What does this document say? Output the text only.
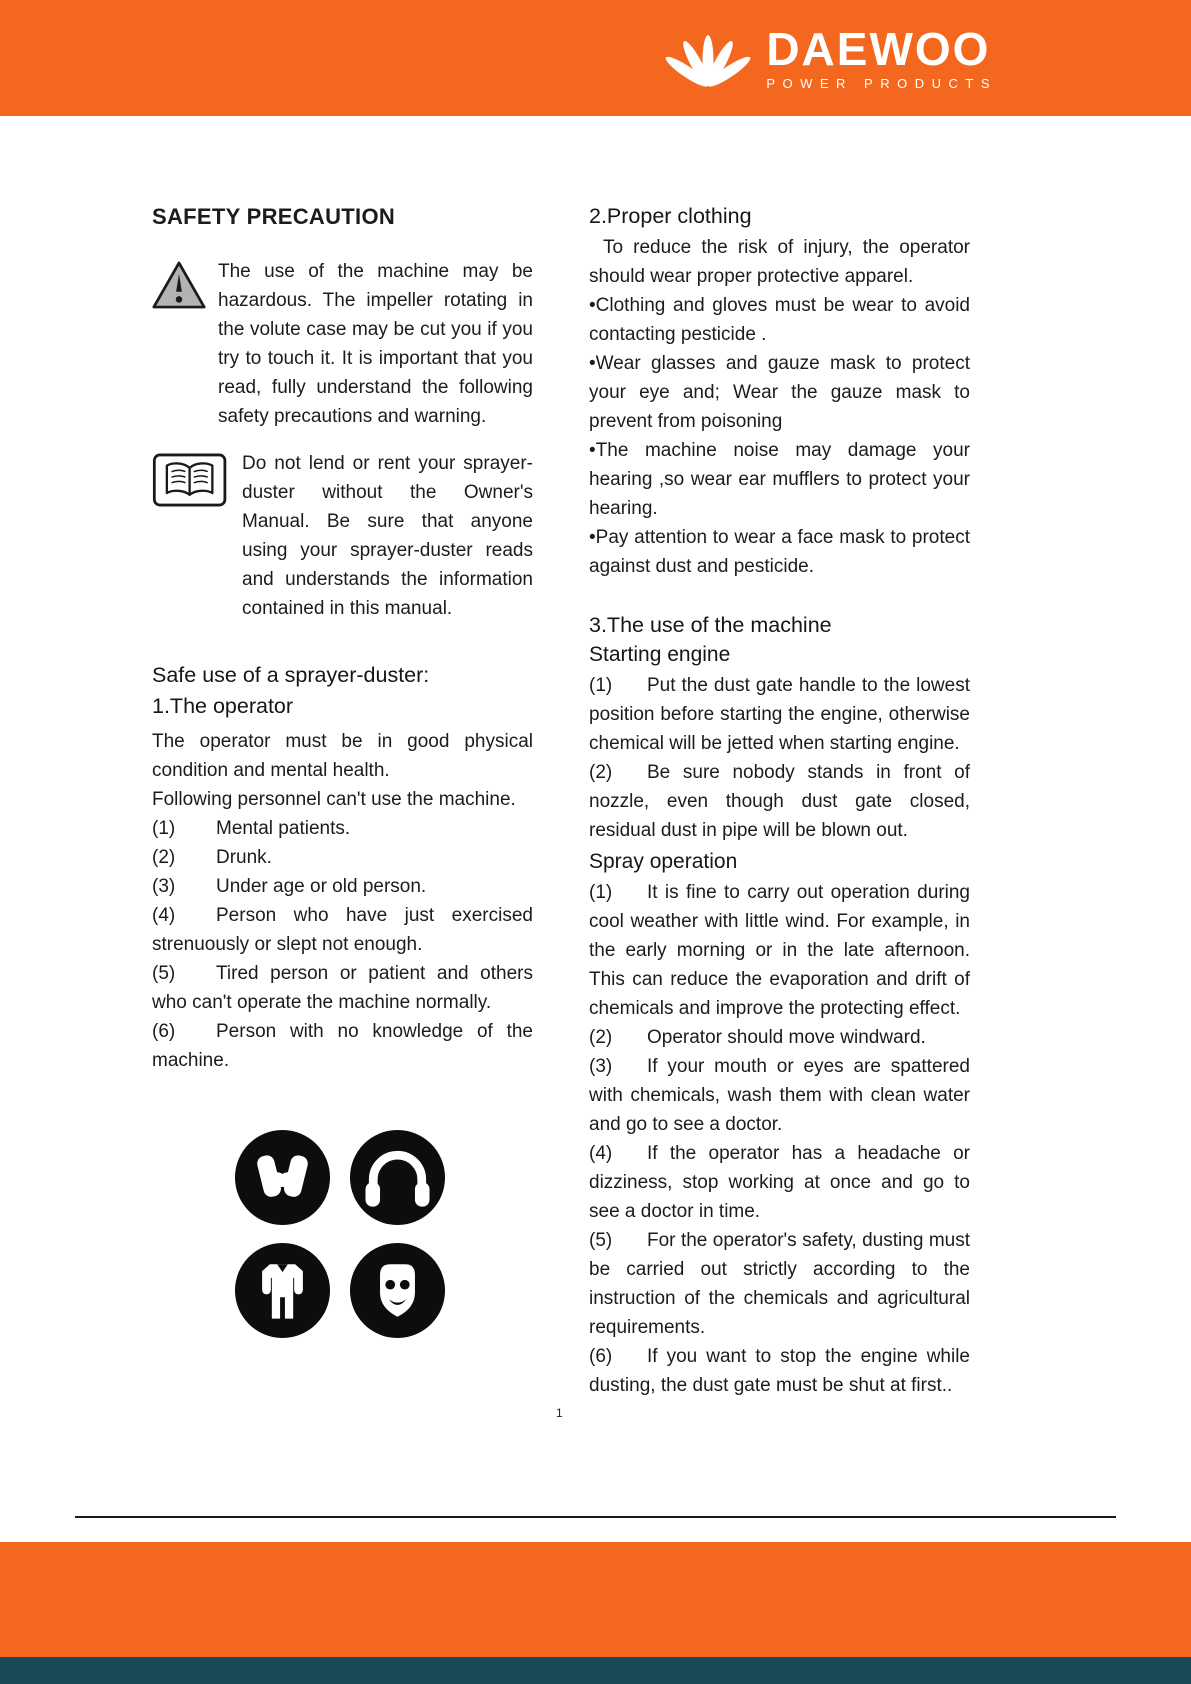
DAEWOO
POWER PRODUCTS
SAFETY PRECAUTION

The use of the machine may be hazardous. The impeller rotating in the volute case may be cut you if you try to touch it. It is important that you read, fully understand the following safety precautions and warning.

Do not lend or rent your sprayer-duster without the Owner's Manual. Be sure that anyone using your sprayer-duster reads and understands the information contained in this manual.

Safe use of a sprayer-duster:
1.The operator

The operator must be in good physical condition and mental health.

Following personnel can't use the machine.

(1) Mental patients.

(2) Drunk.

(3) Under age or old person.

(4) Person who have just exercised strenuously or slept not enough.

(5) Tired person or patient and others who can't operate the machine normally.

(6) Person with no knowledge of the machine.

2.Proper clothing

To reduce the risk of injury, the operator should wear proper protective apparel.

•Clothing and gloves must be wear to avoid contacting pesticide .

•Wear glasses and gauze mask to protect your eye and; Wear the gauze mask to prevent from poisoning

•The machine noise may damage your hearing ,so wear ear mufflers to protect your hearing.

•Pay attention to wear a face mask to protect against dust and pesticide.

3.The use of the machine
Starting engine

(1) Put the dust gate handle to the lowest position before starting the engine, otherwise chemical will be jetted when starting engine.

(2) Be sure nobody stands in front of nozzle, even though dust gate closed, residual dust in pipe will be blown out.

Spray operation

(1) It is fine to carry out operation during cool weather with little wind. For example, in the early morning or in the late afternoon. This can reduce the evaporation and drift of chemicals and improve the protecting effect.

(2) Operator should move windward.

(3) If your mouth or eyes are spattered with chemicals, wash them with clean water and go to see a doctor.

(4) If the operator has a headache or dizziness, stop working at once and go to see a doctor in time.

(5) For the operator's safety, dusting must be carried out strictly according to the instruction of the chemicals and agricultural requirements.

(6) If you want to stop the engine while dusting, the dust gate must be shut at first..

1
